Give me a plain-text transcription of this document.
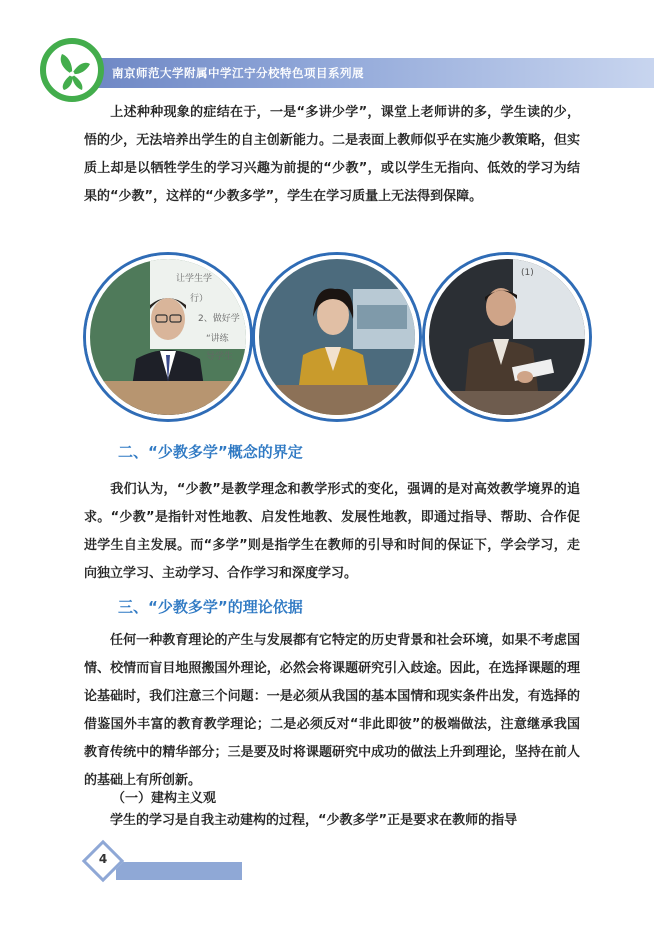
南京师范大学附属中学江宁分校特色项目系列展
上述种种现象的症结在于，一是“多讲少学”，课堂上老师讲的多，学生读的少，悟的少，无法培养出学生的自主创新能力。二是表面上教师似乎在实施少教策略，但实质上却是以牺牲学生的学习兴趣为前提的“少教”，或以学生无指向、低效的学习为结果的“少教”，这样的“少教多学”，学生在学习质量上无法得到保障。
让学生学
行）
2、做好学
“讲练
导学生
(1)
二、“少教多学”概念的界定
我们认为，“少教”是教学理念和教学形式的变化，强调的是对高效教学境界的追求。“少教”是指针对性地教、启发性地教、发展性地教，即通过指导、帮助、合作促进学生自主发展。而“多学”则是指学生在教师的引导和时间的保证下，学会学习，走向独立学习、主动学习、合作学习和深度学习。
三、“少教多学”的理论依据
任何一种教育理论的产生与发展都有它特定的历史背景和社会环境，如果不考虑国情、校情而盲目地照搬国外理论，必然会将课题研究引入歧途。因此，在选择课题的理论基础时，我们注意三个问题：一是必须从我国的基本国情和现实条件出发，有选择的借鉴国外丰富的教育教学理论；二是必须反对“非此即彼”的极端做法，注意继承我国教育传统中的精华部分；三是要及时将课题研究中成功的做法上升到理论，坚持在前人的基础上有所创新。
（一）建构主义观
学生的学习是自我主动建构的过程，“少教多学”正是要求在教师的指导
4
